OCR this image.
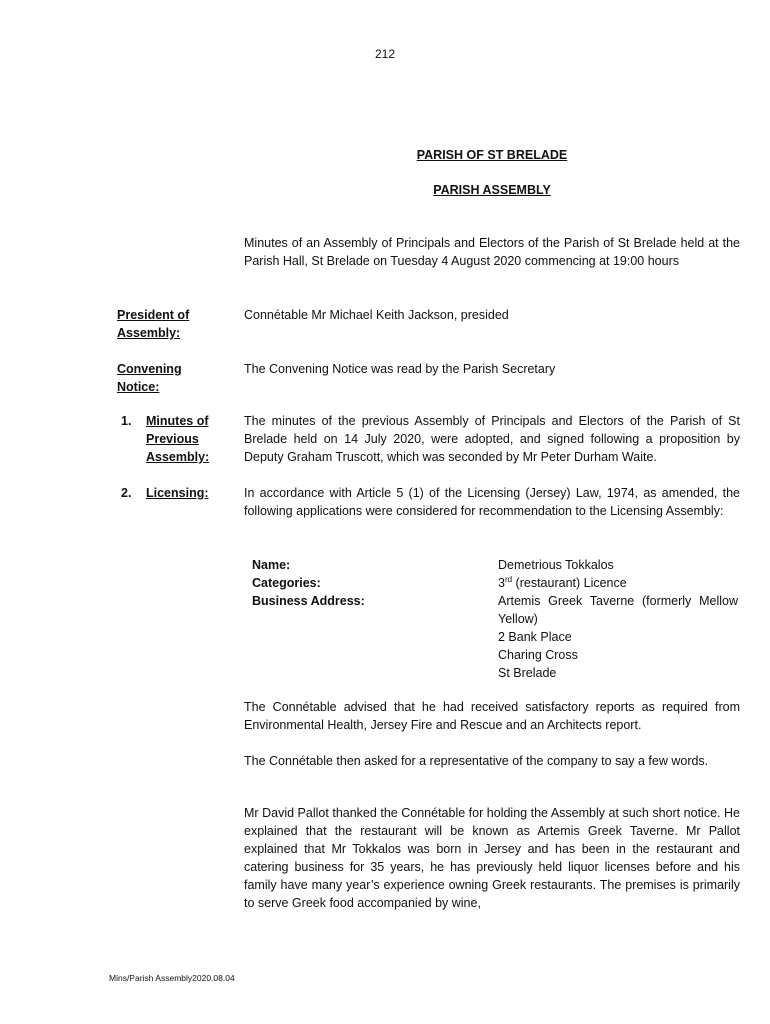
212
PARISH OF ST BRELADE
PARISH ASSEMBLY

Minutes of an Assembly of Principals and Electors of the Parish of St Brelade held at the Parish Hall, St Brelade on Tuesday 4 August 2020 commencing at 19:00 hours

President of
Assembly:
Connétable Mr Michael Keith Jackson, presided
Convening
Notice:
The Convening Notice was read by the Parish Secretary
1. Minutes of
Previous
Assembly:
The minutes of the previous Assembly of Principals and Electors of the Parish of St Brelade held on 14 July 2020, were adopted, and signed following a proposition by Deputy Graham Truscott, which was seconded by Mr Peter Durham Waite.
2. Licensing:	In accordance with Article 5 (1) of the Licensing (Jersey) Law, 1974, as amended, the following applications were considered for recommendation to the Licensing Assembly:
Name:	Demetrious Tokkalos
Categories:	3rd (restaurant) Licence
Business Address:	Artemis Greek Taverne (formerly Mellow Yellow)
2 Bank Place
Charing Cross
St Brelade
The Connétable advised that he had received satisfactory reports as required from Environmental Health, Jersey Fire and Rescue and an Architects report.
The Connétable then asked for a representative of the company to say a few words.
Mr David Pallot thanked the Connétable for holding the Assembly at such short notice. He explained that the restaurant will be known as Artemis Greek Taverne. Mr Pallot explained that Mr Tokkalos was born in Jersey and has been in the restaurant and catering business for 35 years, he has previously held liquor licenses before and his family have many year’s experience owning Greek restaurants. The premises is primarily to serve Greek food accompanied by wine,
Mins/Parish Assembly2020.08.04
